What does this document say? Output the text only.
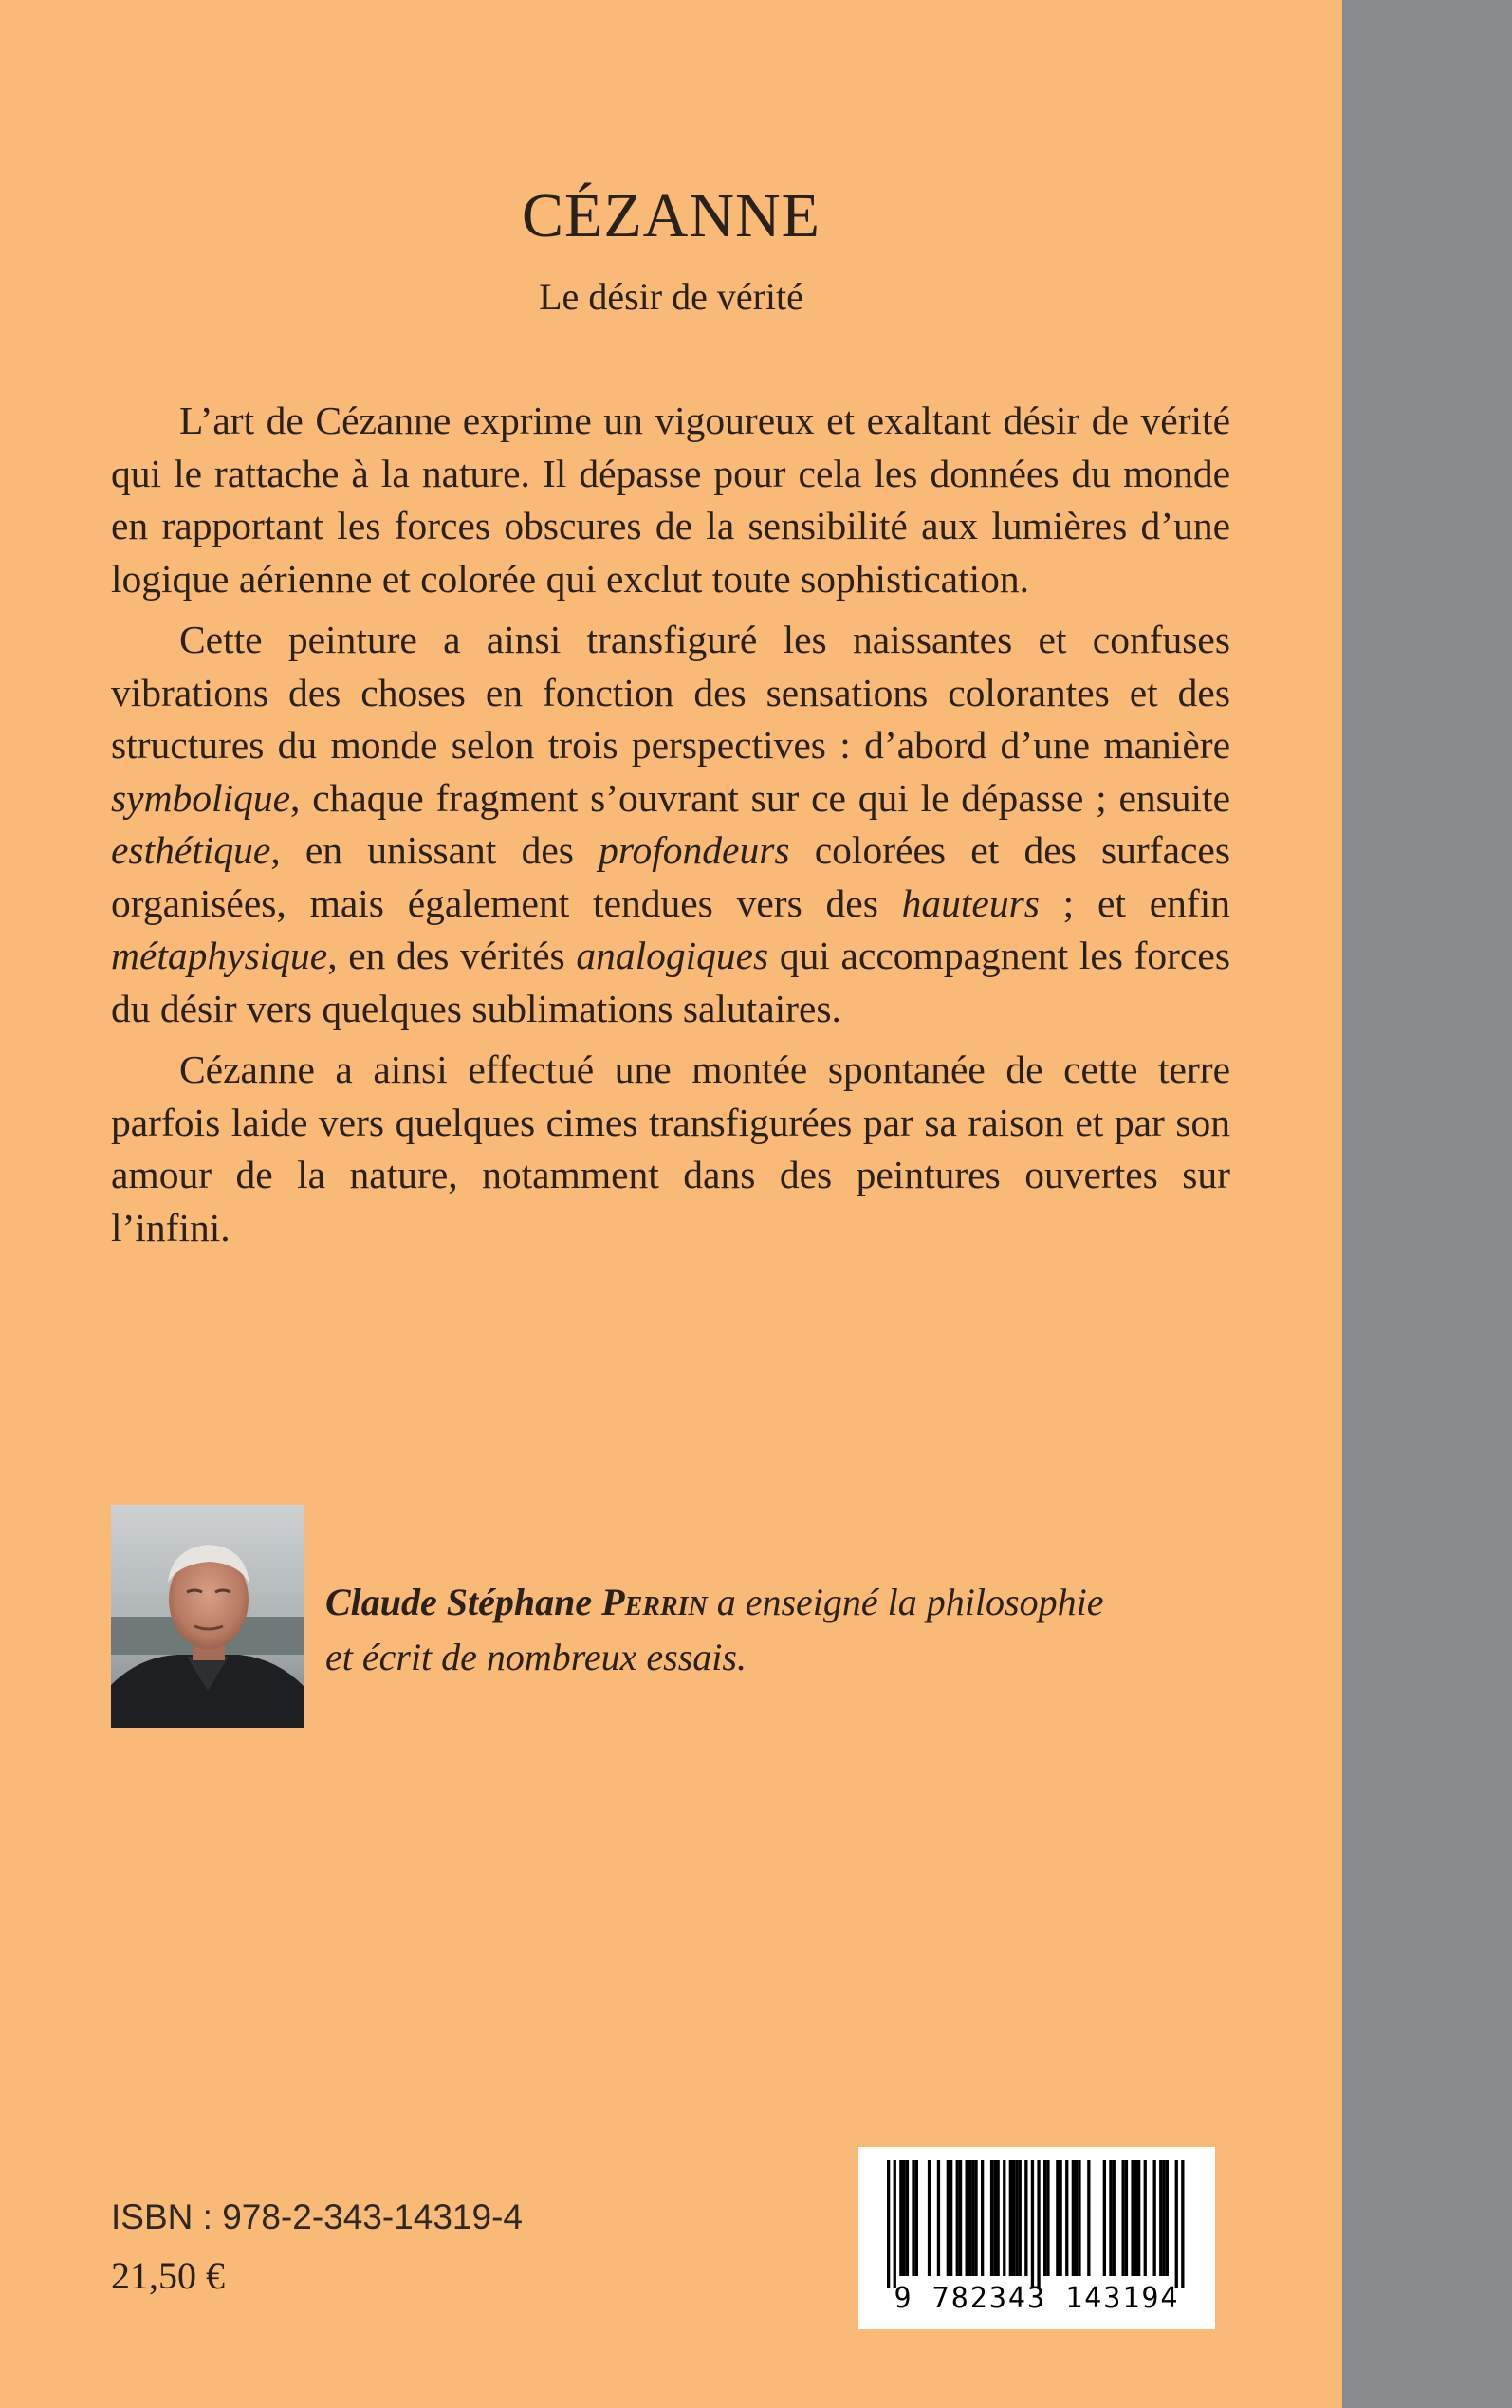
CÉZANNE
Le désir de vérité

L’art de Cézanne exprime un vigoureux et exaltant désir de vérité qui le rattache à la nature. Il dépasse pour cela les données du monde en rapportant les forces obscures de la sensibilité aux lumières d’une logique aérienne et colorée qui exclut toute sophistication.

Cette peinture a ainsi transfiguré les naissantes et confuses vibrations des choses en fonction des sensations colorantes et des structures du monde selon trois perspectives : d’abord d’une manière symbolique, chaque fragment s’ouvrant sur ce qui le dépasse ; ensuite esthétique, en unissant des profondeurs colorées et des surfaces organisées, mais également tendues vers des hauteurs ; et enfin métaphysique, en des vérités analogiques qui accompagnent les forces du désir vers quelques sublimations salutaires.

Cézanne a ainsi effectué une montée spontanée de cette terre parfois laide vers quelques cimes transfigurées par sa raison et par son amour de la nature, notamment dans des peintures ouvertes sur l’infini.

Claude Stéphane Perrin a enseigné la philosophie
et écrit de nombreux essais.
ISBN : 978-2-343-14319-4
21,50 €
9 782343 143194
